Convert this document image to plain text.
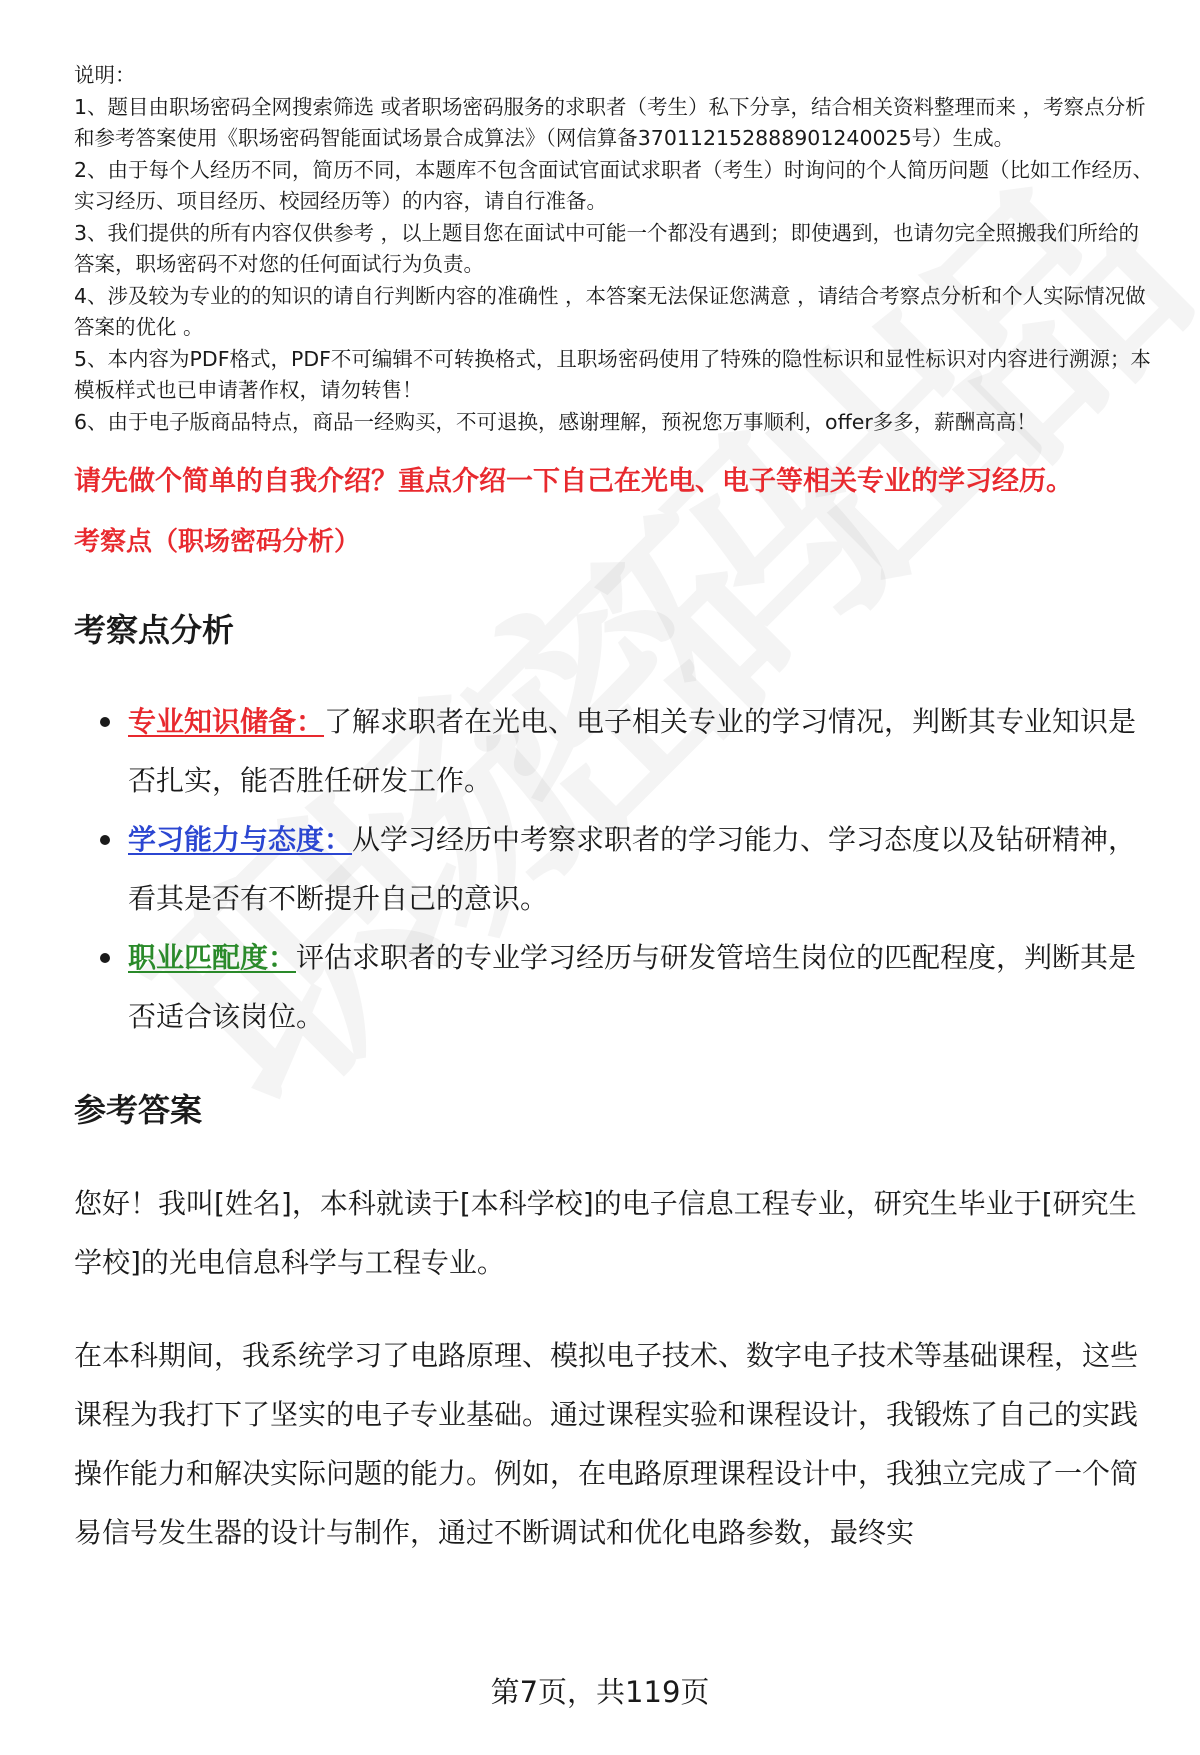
说明：
1、题目由职场密码全网搜索筛选 或者职场密码服务的求职者（考生）私下分享，结合相关资料整理而来 ，考察点分析和参考答案使用《职场密码智能面试场景合成算法》（网信算备370112152888901240025号）生成。
2、由于每个人经历不同，简历不同，本题库不包含面试官面试求职者（考生）时询问的个人简历问题（比如工作经历、实习经历、项目经历、校园经历等）的内容，请自行准备。
3、我们提供的所有内容仅供参考 ，以上题目您在面试中可能一个都没有遇到；即使遇到，也请勿完全照搬我们所给的答案，职场密码不对您的任何面试行为负责。
4、涉及较为专业的的知识的请自行判断内容的准确性 ，本答案无法保证您满意 ，请结合考察点分析和个人实际情况做答案的优化 。
5、本内容为PDF格式，PDF不可编辑不可转换格式，且职场密码使用了特殊的隐性标识和显性标识对内容进行溯源；本模板样式也已申请著作权，请勿转售！
6、由于电子版商品特点，商品一经购买，不可退换，感谢理解，预祝您万事顺利，offer多多，薪酬高高！
请先做个简单的自我介绍？重点介绍一下自己在光电、电子等相关专业的学习经历。
考察点（职场密码分析）
考察点分析
专业知识储备：了解求职者在光电、电子相关专业的学习情况，判断其专业知识是否扎实，能否胜任研发工作。
学习能力与态度：从学习经历中考察求职者的学习能力、学习态度以及钻研精神，看其是否有不断提升自己的意识。
职业匹配度：评估求职者的专业学习经历与研发管培生岗位的匹配程度，判断其是否适合该岗位。
参考答案

您好！我叫[姓名]，本科就读于[本科学校]的电子信息工程专业，研究生毕业于[研究生学校]的光电信息科学与工程专业。

在本科期间，我系统学习了电路原理、模拟电子技术、数字电子技术等基础课程，这些课程为我打下了坚实的电子专业基础。通过课程实验和课程设计，我锻炼了自己的实践操作能力和解决实际问题的能力。例如，在电路原理课程设计中，我独立完成了一个简易信号发生器的设计与制作，通过不断调试和优化电路参数，最终实

第7页，共119页
